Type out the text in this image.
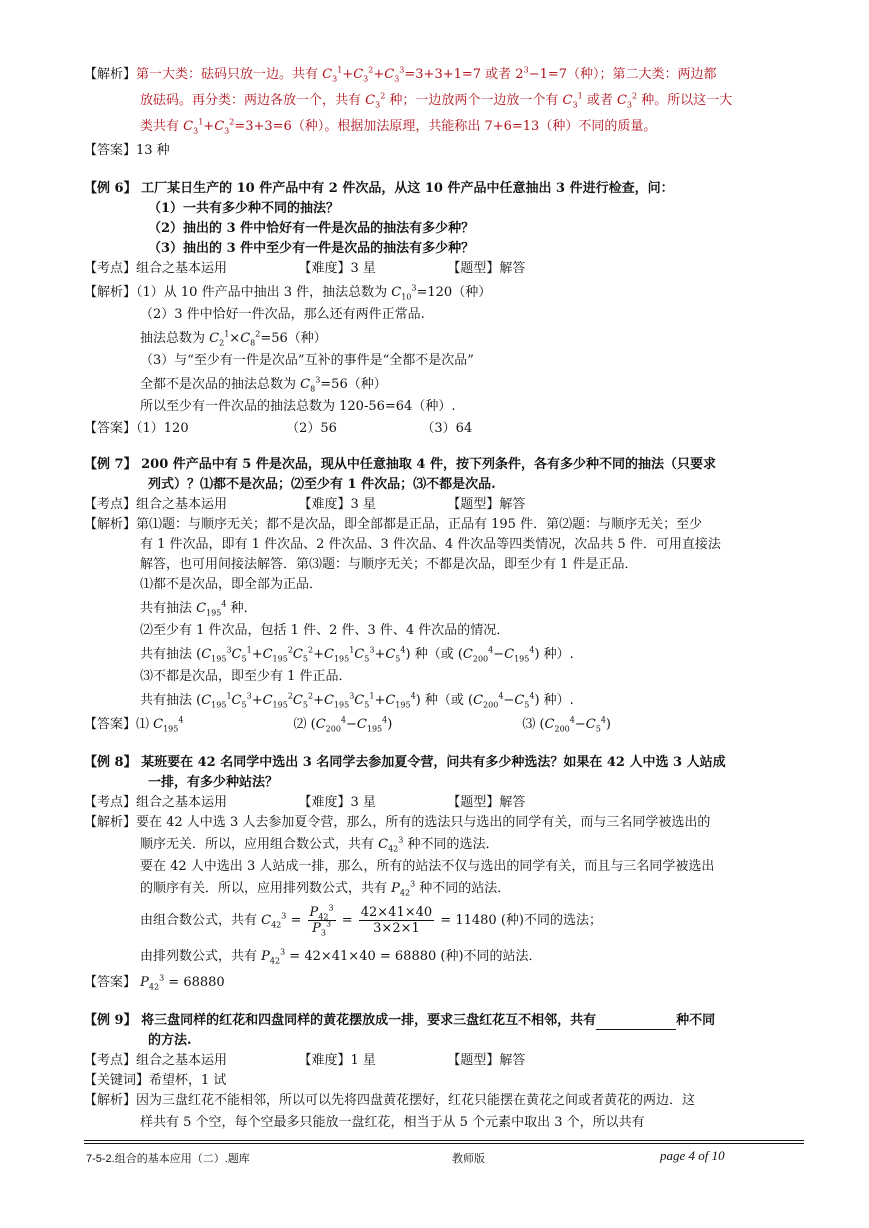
【解析】第一大类：砝码只放一边。共有 $C_3^1+C_3^2+C_3^3=3+3+1=7$ 或者 $2^3-1=7$（种）；第二大类：两边都
放砝码。再分类：两边各放一个，共有 $C_3^2$ 种；一边放两个一边放一个有 $C_3^1$ 或者 $C_3^2$ 种。所以这一大
类共有 $C_3^1+C_3^2=3+3=6$（种）。根据加法原理，共能称出 7+6=13（种）不同的质量。
【答案】13 种
【例 6】 工厂某日生产的 10 件产品中有 2 件次品，从这 10 件产品中任意抽出 3 件进行检查，问：
（1）一共有多少种不同的抽法？
（2）抽出的 3 件中恰好有一件是次品的抽法有多少种？
（3）抽出的 3 件中至少有一件是次品的抽法有多少种？
【考点】组合之基本运用　　　　　　【难度】3 星　　　　　　【题型】解答
【解析】（1）从 10 件产品中抽出 3 件，抽法总数为 $C_{10}^3=120$（种）
（2）3 件中恰好一件次品，那么还有两件正常品.
抽法总数为 $C_2^1\times C_8^2=56$（种）
（3）与“至少有一件是次品”互补的事件是“全都不是次品”
全都不是次品的抽法总数为 $C_8^3=56$（种）
所以至少有一件次品的抽法总数为 120-56=64（种）.
【答案】（1）120　　　　　　　　（2）56　　　　　　　（3）64
【例 7】 200 件产品中有 5 件是次品，现从中任意抽取 4 件，按下列条件，各有多少种不同的抽法（只要求
列式）？⑴都不是次品；⑵至少有 1 件次品；⑶不都是次品.
【考点】组合之基本运用　　　　　　【难度】3 星　　　　　　【题型】解答
【解析】第⑴题：与顺序无关；都不是次品，即全部都是正品，正品有 195 件．第⑵题：与顺序无关；至少
有 1 件次品，即有 1 件次品、2 件次品、3 件次品、4 件次品等四类情况，次品共 5 件．可用直接法
解答，也可用间接法解答．第⑶题：与顺序无关；不都是次品，即至少有 1 件是正品．
⑴都不是次品，即全部为正品．
共有抽法 $C_{195}^4$ 种．
⑵至少有 1 件次品，包括 1 件、2 件、3 件、4 件次品的情况．
共有抽法 $(C_{195}^3C_5^1+C_{195}^2C_5^2+C_{195}^1C_5^3+C_5^4)$ 种（或 $(C_{200}^4-C_{195}^4)$ 种）.
⑶不都是次品，即至少有 1 件正品．
共有抽法 $(C_{195}^1C_5^3+C_{195}^2C_5^2+C_{195}^3C_5^1+C_{195}^4)$ 种（或 $(C_{200}^4-C_5^4)$ 种）.
【答案】⑴ $C_{195}^4$	⑵ $(C_{200}^4-C_{195}^4)$	⑶ $(C_{200}^4-C_5^4)$
【例 8】 某班要在 42 名同学中选出 3 名同学去参加夏令营，问共有多少种选法？如果在 42 人中选 3 人站成
一排，有多少种站法？
【考点】组合之基本运用　　　　　　【难度】3 星　　　　　　【题型】解答
【解析】要在 42 人中选 3 人去参加夏令营，那么，所有的选法只与选出的同学有关，而与三名同学被选出的
顺序无关．所以，应用组合数公式，共有 $C_{42}^3$ 种不同的选法．
要在 42 人中选出 3 人站成一排，那么，所有的站法不仅与选出的同学有关，而且与三名同学被选出
的顺序有关．所以，应用排列数公式，共有 $P_{42}^3$ 种不同的站法．
由组合数公式，共有 $C_{42}^3 = \frac{P_{42}^3}{P_3^3} = \frac{42\times 41\times 40}{3\times 2\times 1} = 11480$ (种)不同的选法；
由排列数公式，共有 $P_{42}^3 = 42\times 41\times 40 = 68880$ (种)不同的站法．
【答案】 $P_{42}^3 = 68880$
【例 9】 将三盘同样的红花和四盘同样的黄花摆放成一排，要求三盘红花互不相邻，共有	种不同
的方法.
【考点】组合之基本运用　　　　　　【难度】1 星　　　　　　【题型】解答
【关键词】希望杯，1 试
【解析】因为三盘红花不能相邻，所以可以先将四盘黄花摆好，红花只能摆在黄花之间或者黄花的两边．这
样共有 5 个空，每个空最多只能放一盘红花，相当于从 5 个元素中取出 3 个，所以共有
7-5-2.组合的基本应用（二）.题库	教师版	page 4 of 10
